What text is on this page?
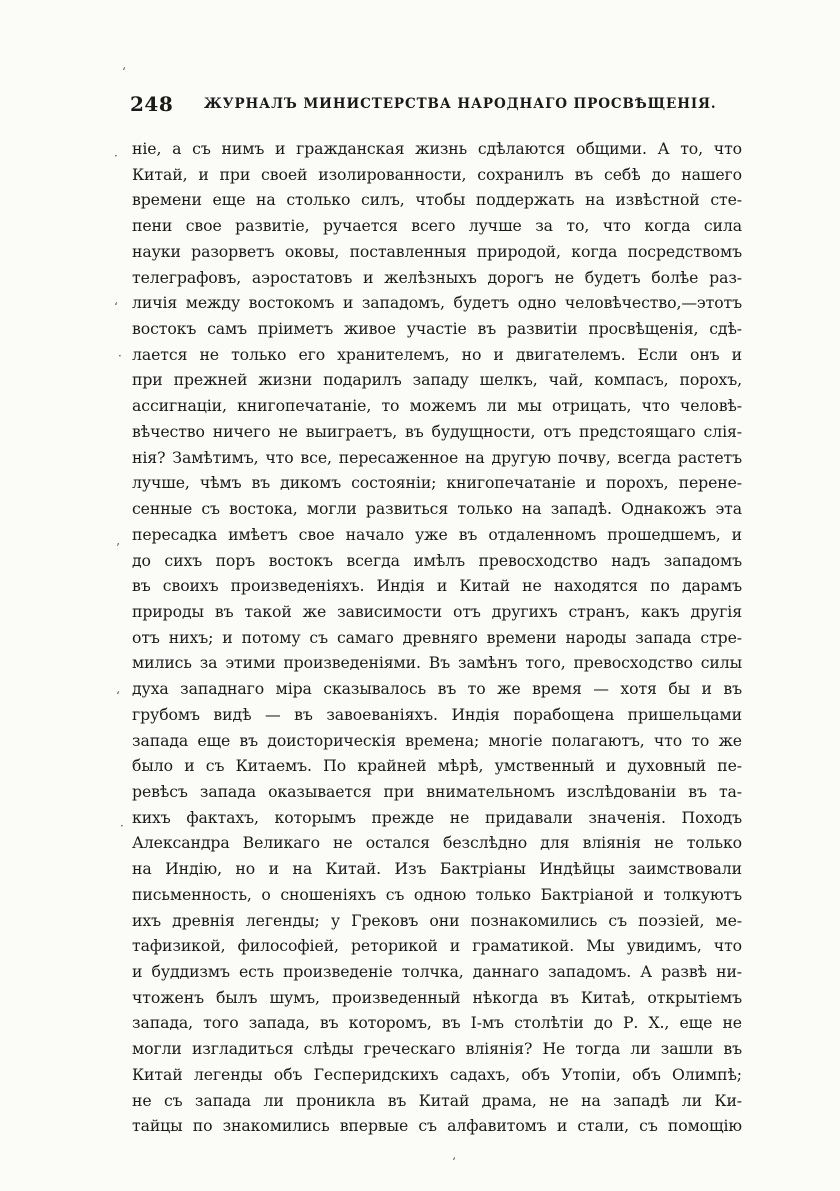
248 ЖУРНАЛЪ МИНИСТЕРСТВА НАРОДНАГО ПРОСВѢЩЕНІЯ.
ніе, а съ нимъ и гражданская жизнь сдѣлаются общими. А то, что
Китай, и при своей изолированности, сохранилъ въ себѣ до нашего
времени еще на столько силъ, чтобы поддержать на извѣстной сте-
пени свое развитіе, ручается всего лучше за то, что когда сила
науки разорветъ оковы, поставленныя природой, когда посредствомъ
телеграфовъ, аэростатовъ и желѣзныхъ дорогъ не будетъ болѣе раз-
личія между востокомъ и западомъ, будетъ одно человѣчество,—этотъ
востокъ самъ пріиметъ живое участіе въ развитіи просвѣщенія, сдѣ-
лается не только его хранителемъ, но и двигателемъ. Если онъ и
при прежней жизни подарилъ западу шелкъ, чай, компасъ, порохъ,
ассигнаціи, книгопечатаніе, то можемъ ли мы отрицать, что человѣ-
вѣчество ничего не выиграетъ, въ будущности, отъ предстоящаго слія-
нія? Замѣтимъ, что все, пересаженное на другую почву, всегда растетъ
лучше, чѣмъ въ дикомъ состояніи; книгопечатаніе и порохъ, перене-
сенные съ востока, могли развиться только на западѣ. Однакожъ эта
пересадка имѣетъ свое начало уже въ отдаленномъ прошедшемъ, и
до сихъ поръ востокъ всегда имѣлъ превосходство надъ западомъ
въ своихъ произведеніяхъ. Индія и Китай не находятся по дарамъ
природы въ такой же зависимости отъ другихъ странъ, какъ другія
отъ нихъ; и потому съ самаго древняго времени народы запада стре-
мились за этими произведеніями. Въ замѣнъ того, превосходство силы
духа западнаго міра сказывалось въ то же время — хотя бы и въ
грубомъ видѣ — въ завоеваніяхъ. Индія порабощена пришельцами
запада еще въ доисторическія времена; многіе полагаютъ, что то же
было и съ Китаемъ. По крайней мѣрѣ, умственный и духовный пе-
ревѣсъ запада оказывается при внимательномъ изслѣдованіи въ та-
кихъ фактахъ, которымъ прежде не придавали значенія. Походъ
Александра Великаго не остался безслѣдно для вліянія не только
на Индію, но и на Китай. Изъ Бактріаны Индѣйцы заимствовали
письменность, о сношеніяхъ съ одною только Бактріаной и толкуютъ
ихъ древнія легенды; у Грековъ они познакомились съ поэзіей, ме-
тафизикой, философіей, реторикой и граматикой. Мы увидимъ, что
и буддизмъ есть произведеніе толчка, даннаго западомъ. А развѣ ни-
чтоженъ былъ шумъ, произведенный нѣкогда въ Китаѣ, открытіемъ
запада, того запада, въ которомъ, въ I-мъ столѣтіи до Р. Х., еще не
могли изгладиться слѣды греческаго вліянія? Не тогда ли зашли въ
Китай легенды объ Гесперидскихъ садахъ, объ Утопіи, объ Олимпѣ;
не съ запада ли проникла въ Китай драма, не на западѣ ли Ки-
тайцы по знакомились впервые съ алфавитомъ и стали, съ помощію
‘
·
‘
·
’
‘
·
‘
